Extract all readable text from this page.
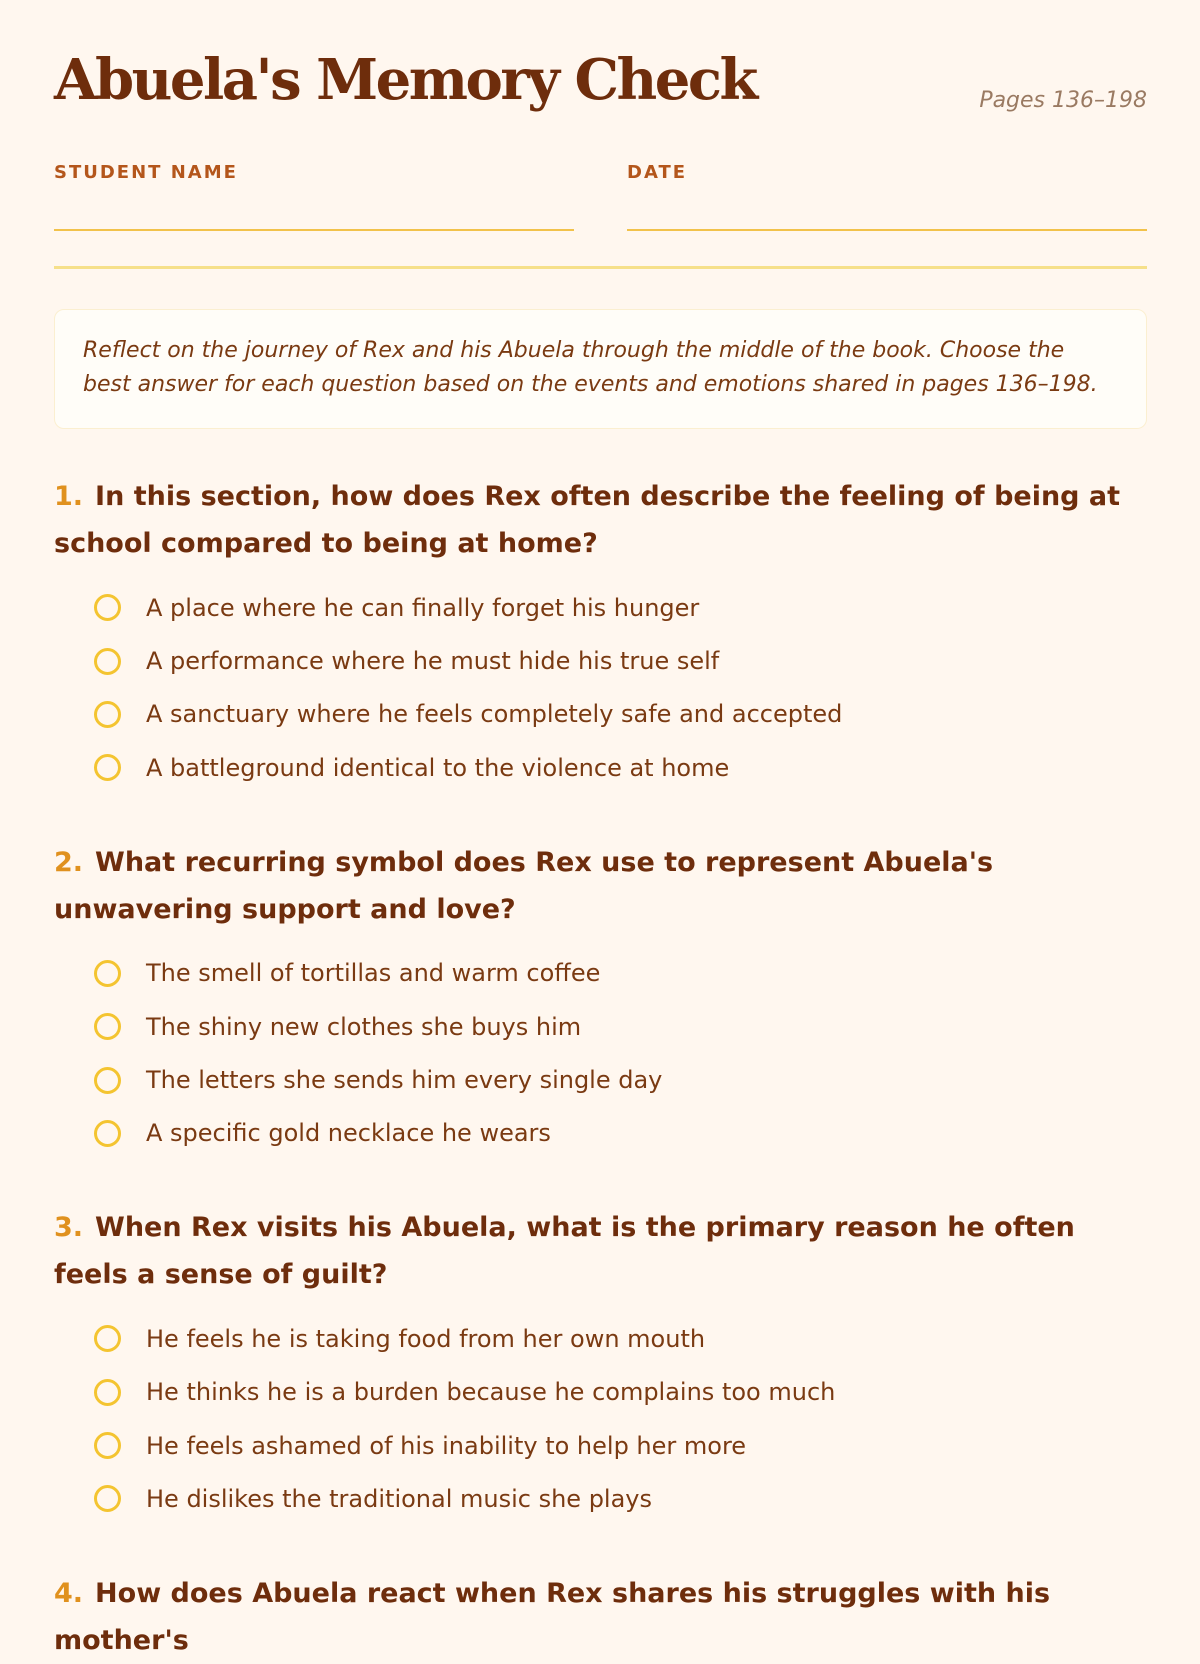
Abuela's Memory Check	Pages 136–198
STUDENT NAME	DATE
Reflect on the journey of Rex and his Abuela through the middle of the book. Choose the best answer for each question based on the events and emotions shared in pages 136–198.

1. In this section, how does Rex often describe the feeling of being at school compared to being at home?

A place where he can finally forget his hunger
A performance where he must hide his true self
A sanctuary where he feels completely safe and accepted
A battleground identical to the violence at home

2. What recurring symbol does Rex use to represent Abuela's unwavering support and love?

The smell of tortillas and warm coffee
The shiny new clothes she buys him
The letters she sends him every single day
A specific gold necklace he wears

3. When Rex visits his Abuela, what is the primary reason he often feels a sense of guilt?

He feels he is taking food from her own mouth
He thinks he is a burden because he complains too much
He feels ashamed of his inability to help her more
He dislikes the traditional music she plays

4. How does Abuela react when Rex shares his struggles with his mother's
